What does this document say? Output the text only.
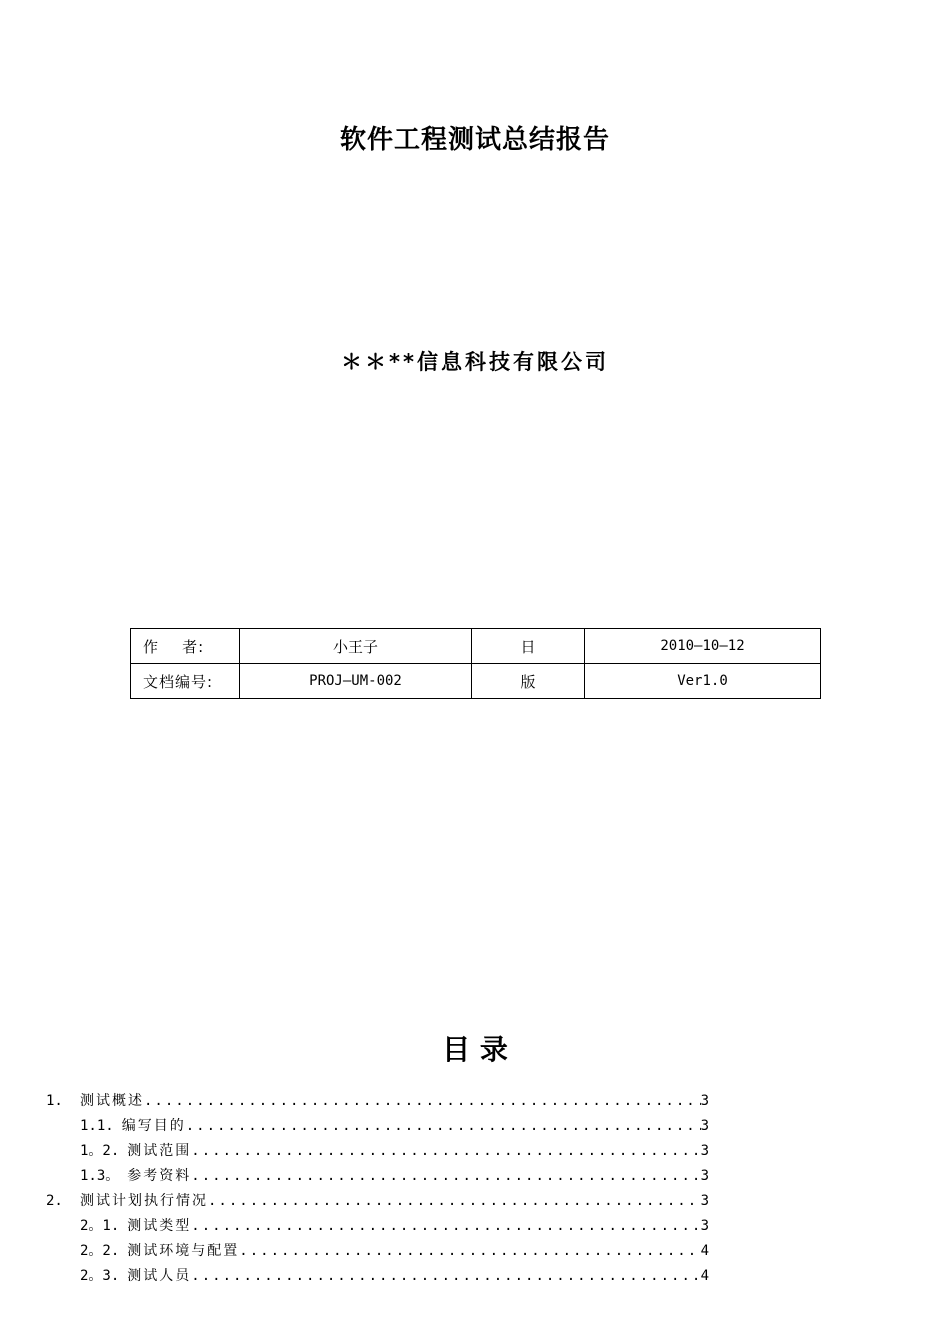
软件工程测试总结报告
＊＊**信息科技有限公司
作    者:	小王子	日	2010—10—12
文档编号:	PROJ—UM-002	版	Ver1.0
目 录
1.	测试概述 .....	3
1.1. 编写目的 .....	3
1。2. 测试范围 .....	3
1.3。 参考资料 .....	3
2.	测试计划执行情况 .....	3
2。1. 测试类型 .....	3
2。2. 测试环境与配置 .....	4
2。3. 测试人员 .....	4
